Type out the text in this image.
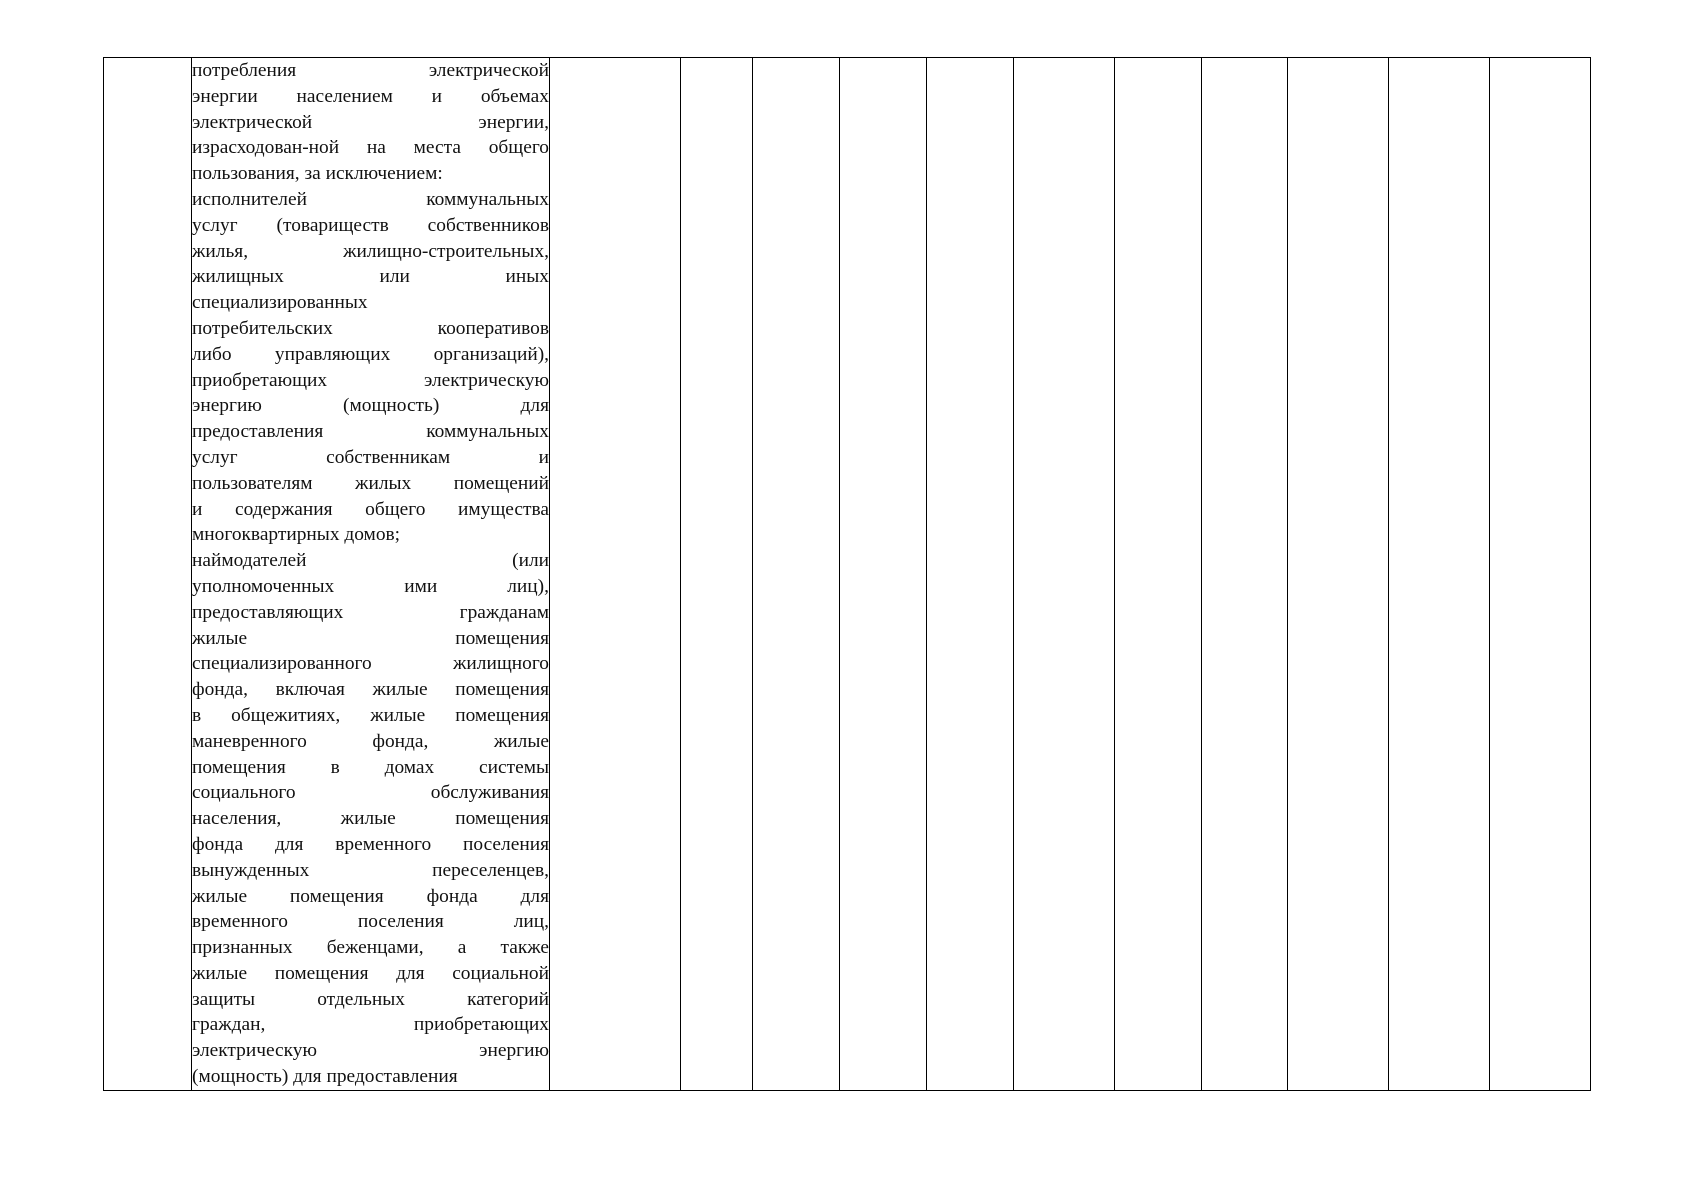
потребления электрической
энергии населением и объемах
электрической энергии,
израсходован-ной на места общего
пользования, за исключением:
исполнителей коммунальных
услуг (товариществ собственников
жилья, жилищно-строительных,
жилищных или иных
специализированных
потребительских кооперативов
либо управляющих организаций),
приобретающих электрическую
энергию (мощность) для
предоставления коммунальных
услуг собственникам и
пользователям жилых помещений
и содержания общего имущества
многоквартирных домов;
наймодателей (или
уполномоченных ими лиц),
предоставляющих гражданам
жилые помещения
специализированного жилищного
фонда, включая жилые помещения
в общежитиях, жилые помещения
маневренного фонда, жилые
помещения в домах системы
социального обслуживания
населения, жилые помещения
фонда для временного поселения
вынужденных переселенцев,
жилые помещения фонда для
временного поселения лиц,
признанных беженцами, а также
жилые помещения для социальной
защиты отдельных категорий
граждан, приобретающих
электрическую энергию
(мощность) для предоставления
